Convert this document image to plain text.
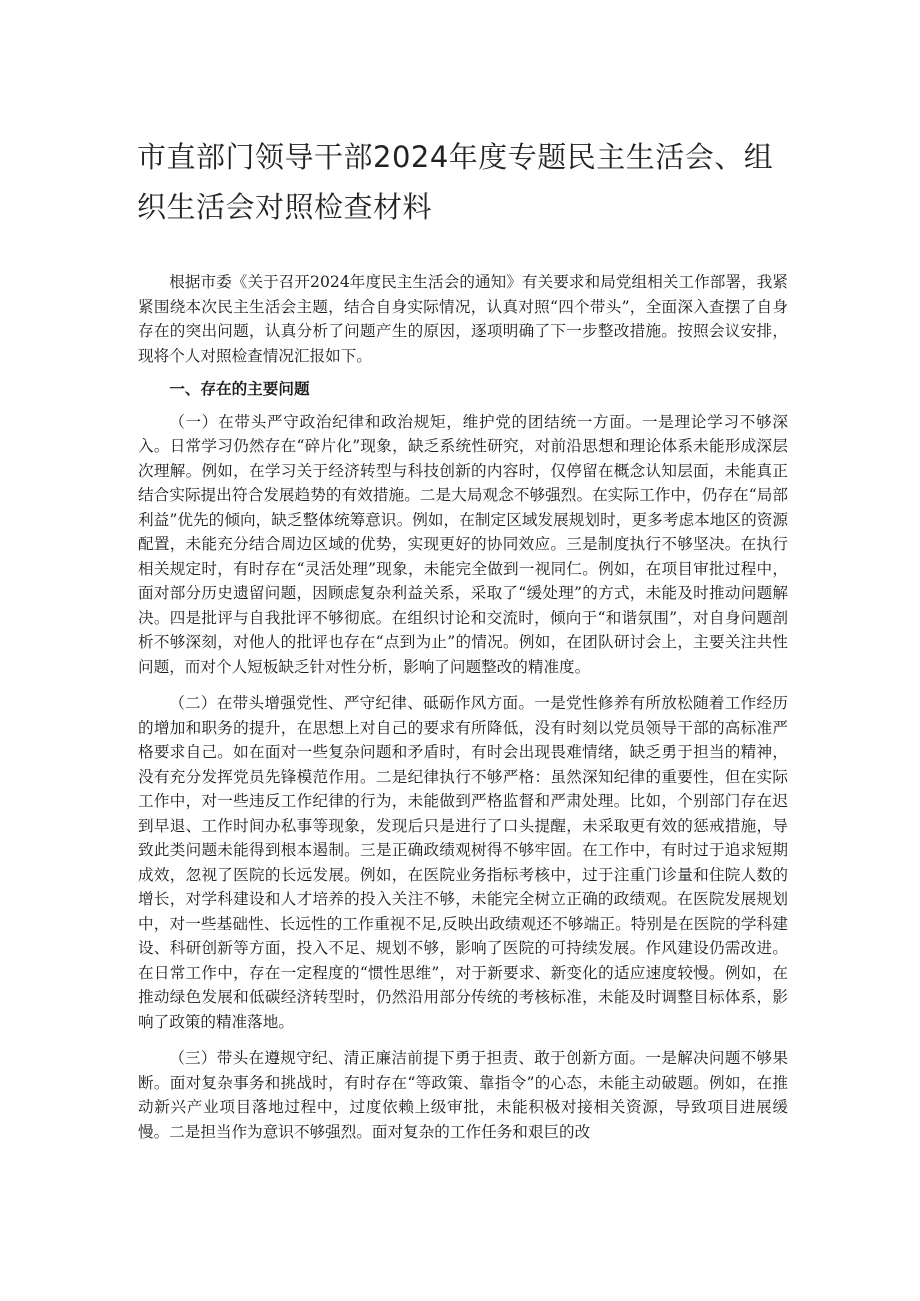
市直部门领导干部2024年度专题民主生活会、组织生活会对照检查材料

根据市委《关于召开2024年度民主生活会的通知》有关要求和局党组相关工作部署，我紧紧围绕本次民主生活会主题，结合自身实际情况，认真对照“四个带头”，全面深入查摆了自身存在的突出问题，认真分析了问题产生的原因，逐项明确了下一步整改措施。按照会议安排，现将个人对照检查情况汇报如下。

一、存在的主要问题

（一）在带头严守政治纪律和政治规矩，维护党的团结统一方面。一是理论学习不够深入。日常学习仍然存在“碎片化”现象，缺乏系统性研究，对前沿思想和理论体系未能形成深层次理解。例如，在学习关于经济转型与科技创新的内容时，仅停留在概念认知层面，未能真正结合实际提出符合发展趋势的有效措施。二是大局观念不够强烈。在实际工作中，仍存在“局部利益”优先的倾向，缺乏整体统筹意识。例如，在制定区域发展规划时，更多考虑本地区的资源配置，未能充分结合周边区域的优势，实现更好的协同效应。三是制度执行不够坚决。在执行相关规定时，有时存在“灵活处理”现象，未能完全做到一视同仁。例如，在项目审批过程中，面对部分历史遗留问题，因顾虑复杂利益关系，采取了“缓处理”的方式，未能及时推动问题解决。四是批评与自我批评不够彻底。在组织讨论和交流时，倾向于“和谐氛围”，对自身问题剖析不够深刻，对他人的批评也存在“点到为止”的情况。例如，在团队研讨会上，主要关注共性问题，而对个人短板缺乏针对性分析，影响了问题整改的精准度。

（二）在带头增强党性、严守纪律、砥砺作风方面。一是党性修养有所放松随着工作经历的增加和职务的提升，在思想上对自己的要求有所降低，没有时刻以党员领导干部的高标准严格要求自己。如在面对一些复杂问题和矛盾时，有时会出现畏难情绪，缺乏勇于担当的精神，没有充分发挥党员先锋模范作用。二是纪律执行不够严格：虽然深知纪律的重要性，但在实际工作中，对一些违反工作纪律的行为，未能做到严格监督和严肃处理。比如，个别部门存在迟到早退、工作时间办私事等现象，发现后只是进行了口头提醒，未采取更有效的惩戒措施，导致此类问题未能得到根本遏制。三是正确政绩观树得不够牢固。在工作中，有时过于追求短期成效，忽视了医院的长远发展。例如，在医院业务指标考核中，过于注重门诊量和住院人数的增长，对学科建设和人才培养的投入关注不够，未能完全树立正确的政绩观。在医院发展规划中，对一些基础性、长远性的工作重视不足,反映出政绩观还不够端正。特别是在医院的学科建设、科研创新等方面，投入不足、规划不够，影响了医院的可持续发展。作风建设仍需改进。在日常工作中，存在一定程度的“惯性思维”，对于新要求、新变化的适应速度较慢。例如，在推动绿色发展和低碳经济转型时，仍然沿用部分传统的考核标准，未能及时调整目标体系，影响了政策的精准落地。

（三）带头在遵规守纪、清正廉洁前提下勇于担责、敢于创新方面。一是解决问题不够果断。面对复杂事务和挑战时，有时存在“等政策、靠指令”的心态，未能主动破题。例如，在推动新兴产业项目落地过程中，过度依赖上级审批，未能积极对接相关资源，导致项目进展缓慢。二是担当作为意识不够强烈。面对复杂的工作任务和艰巨的改
